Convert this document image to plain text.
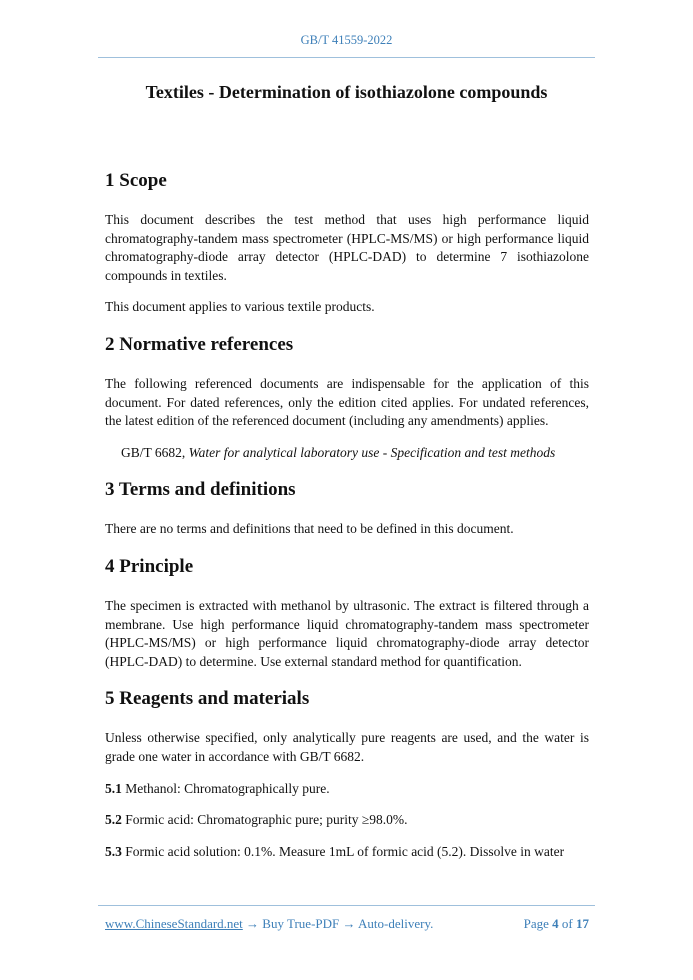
GB/T 41559-2022
Textiles - Determination of isothiazolone compounds
1 Scope

This document describes the test method that uses high performance liquid chromatography-tandem mass spectrometer (HPLC-MS/MS) or high performance liquid chromatography-diode array detector (HPLC-DAD) to determine 7 isothiazolone compounds in textiles.

This document applies to various textile products.

2 Normative references

The following referenced documents are indispensable for the application of this document. For dated references, only the edition cited applies. For undated references, the latest edition of the referenced document (including any amendments) applies.

GB/T 6682, Water for analytical laboratory use - Specification and test methods

3 Terms and definitions

There are no terms and definitions that need to be defined in this document.

4 Principle

The specimen is extracted with methanol by ultrasonic. The extract is filtered through a membrane. Use high performance liquid chromatography-tandem mass spectrometer (HPLC-MS/MS) or high performance liquid chromatography-diode array detector (HPLC-DAD) to determine. Use external standard method for quantification.

5 Reagents and materials

Unless otherwise specified, only analytically pure reagents are used, and the water is grade one water in accordance with GB/T 6682.

5.1 Methanol: Chromatographically pure.

5.2 Formic acid: Chromatographic pure; purity ≥98.0%.

5.3 Formic acid solution: 0.1%. Measure 1mL of formic acid (5.2). Dissolve in water

www.ChineseStandard.net → Buy True-PDF → Auto-delivery.	Page 4 of 17
